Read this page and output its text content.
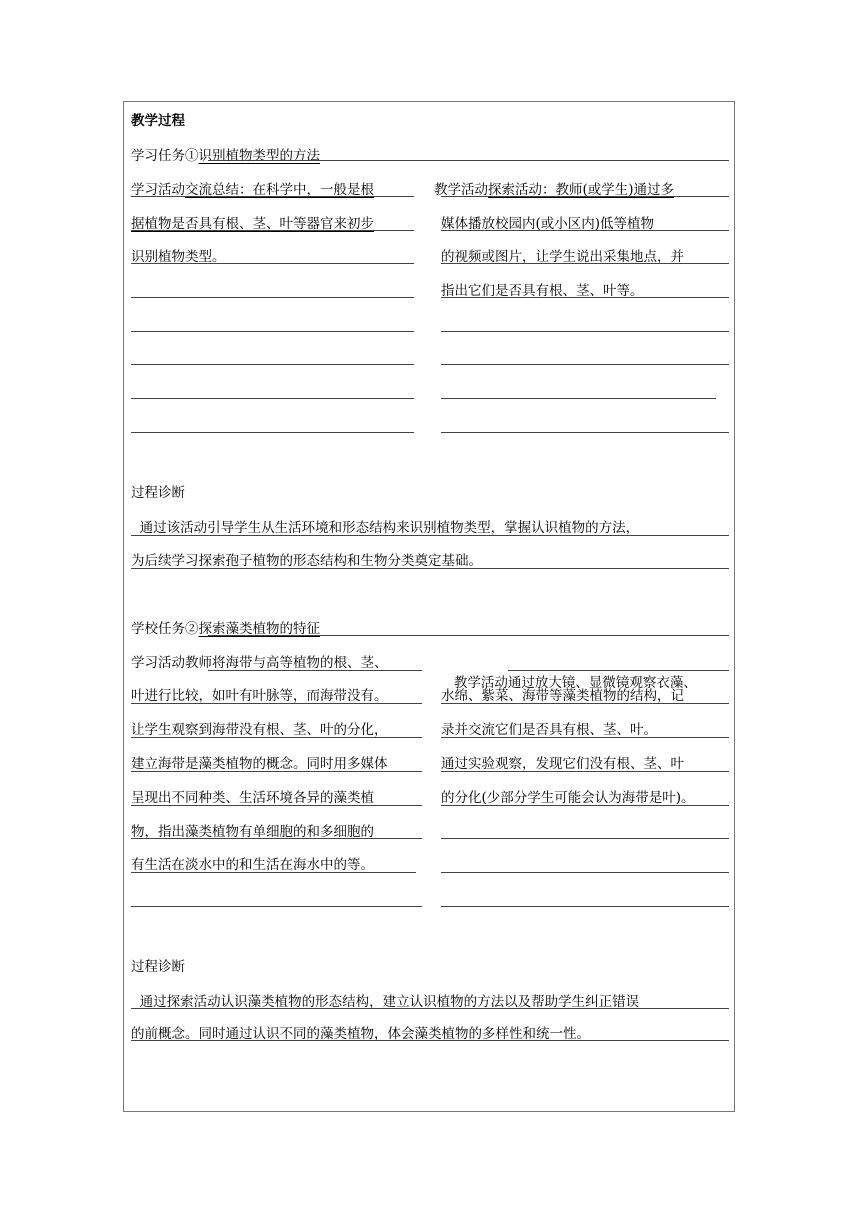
教学过程
学习任务①识别植物类型的方法
学习活动交流总结：在科学中，一般是根
据植物是否具有根、茎、叶等器官来初步
识别植物类型。
教学活动探索活动：教师(或学生)通过多
媒体播放校园内(或小区内)低等植物
的视频或图片，让学生说出采集地点，并
指出它们是否具有根、茎、叶等。
过程诊断
通过该活动引导学生从生活环境和形态结构来识别植物类型，掌握认识植物的方法，
为后续学习探索孢子植物的形态结构和生物分类奠定基础。
学校任务②探索藻类植物的特征
学习活动教师将海带与高等植物的根、茎、
叶进行比较，如叶有叶脉等，而海带没有。
让学生观察到海带没有根、茎、叶的分化，
建立海带是藻类植物的概念。同时用多媒体
呈现出不同种类、生活环境各异的藻类植
物，指出藻类植物有单细胞的和多细胞的
有生活在淡水中的和生活在海水中的等。

教学活动通过放大镜、显微镜观察衣藻、

水绵、紫菜、海带等藻类植物的结构，记
录并交流它们是否具有根、茎、叶。
通过实验观察，发现它们没有根、茎、叶
的分化(少部分学生可能会认为海带是叶)。
过程诊断
通过探索活动认识藻类植物的形态结构，建立认识植物的方法以及帮助学生纠正错误
的前概念。同时通过认识不同的藻类植物，体会藻类植物的多样性和统一性。
